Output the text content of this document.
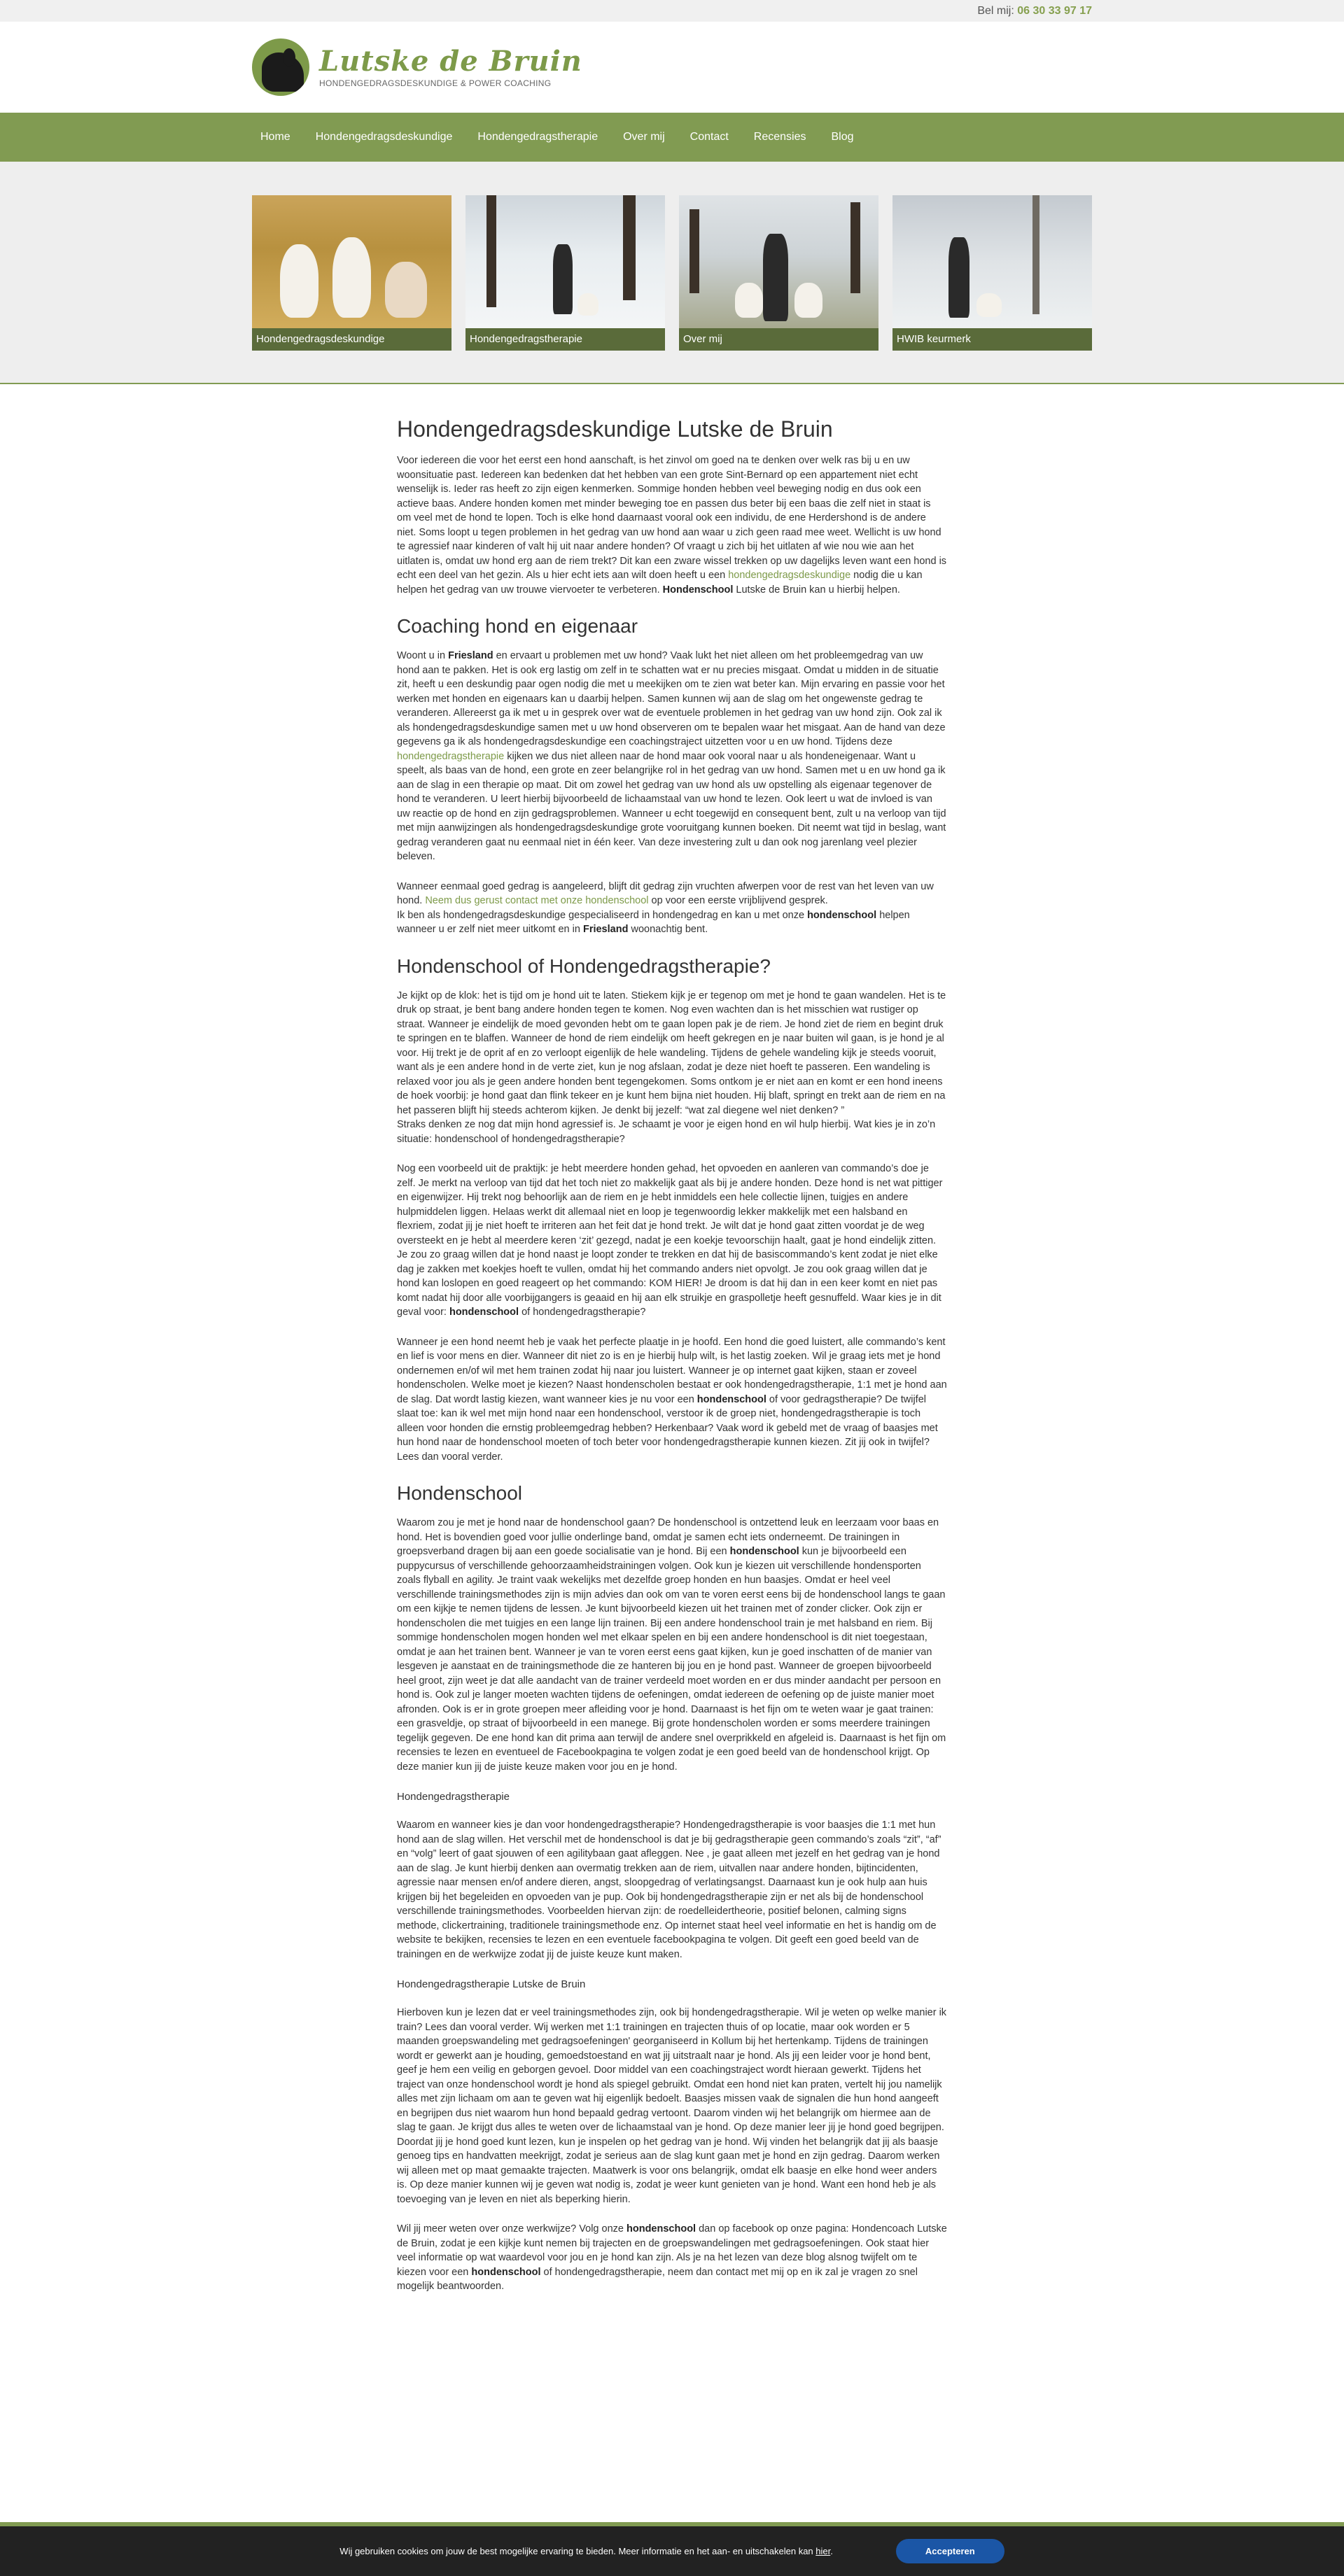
Bel mij: 06 30 33 97 17
Lutske de Bruin
HONDENGEDRAGSDESKUNDIGE & POWER COACHING
Home	Hondengedragsdeskundige	Hondengedragstherapie	Over mij	Contact	Recensies	Blog
Hondengedragsdeskundige	Hondengedragstherapie	Over mij	HWIB keurmerk
Hondengedragsdeskundige Lutske de Bruin

Voor iedereen die voor het eerst een hond aanschaft, is het zinvol om goed na te denken over welk ras bij u en uw woonsituatie past. Iedereen kan bedenken dat het hebben van een grote Sint-Bernard op een appartement niet echt wenselijk is. Ieder ras heeft zo zijn eigen kenmerken. Sommige honden hebben veel beweging nodig en dus ook een actieve baas. Andere honden komen met minder beweging toe en passen dus beter bij een baas die zelf niet in staat is om veel met de hond te lopen. Toch is elke hond daarnaast vooral ook een individu, de ene Herdershond is de andere niet. Soms loopt u tegen problemen in het gedrag van uw hond aan waar u zich geen raad mee weet. Wellicht is uw hond te agressief naar kinderen of valt hij uit naar andere honden? Of vraagt u zich bij het uitlaten af wie nou wie aan het uitlaten is, omdat uw hond erg aan de riem trekt? Dit kan een zware wissel trekken op uw dagelijks leven want een hond is echt een deel van het gezin. Als u hier echt iets aan wilt doen heeft u een hondengedragsdeskundige nodig die u kan helpen het gedrag van uw trouwe viervoeter te verbeteren. Hondenschool Lutske de Bruin kan u hierbij helpen.

Coaching hond en eigenaar

Woont u in Friesland en ervaart u problemen met uw hond? Vaak lukt het niet alleen om het probleemgedrag van uw hond aan te pakken. Het is ook erg lastig om zelf in te schatten wat er nu precies misgaat. Omdat u midden in de situatie zit, heeft u een deskundig paar ogen nodig die met u meekijken om te zien wat beter kan. Mijn ervaring en passie voor het werken met honden en eigenaars kan u daarbij helpen. Samen kunnen wij aan de slag om het ongewenste gedrag te veranderen. Allereerst ga ik met u in gesprek over wat de eventuele problemen in het gedrag van uw hond zijn. Ook zal ik als hondengedragsdeskundige samen met u uw hond observeren om te bepalen waar het misgaat. Aan de hand van deze gegevens ga ik als hondengedragsdeskundige een coachingstraject uitzetten voor u en uw hond. Tijdens deze hondengedragstherapie kijken we dus niet alleen naar de hond maar ook vooral naar u als hondeneigenaar. Want u speelt, als baas van de hond, een grote en zeer belangrijke rol in het gedrag van uw hond. Samen met u en uw hond ga ik aan de slag in een therapie op maat. Dit om zowel het gedrag van uw hond als uw opstelling als eigenaar tegenover de hond te veranderen. U leert hierbij bijvoorbeeld de lichaamstaal van uw hond te lezen. Ook leert u wat de invloed is van uw reactie op de hond en zijn gedragsproblemen. Wanneer u echt toegewijd en consequent bent, zult u na verloop van tijd met mijn aanwijzingen als hondengedragsdeskundige grote vooruitgang kunnen boeken. Dit neemt wat tijd in beslag, want gedrag veranderen gaat nu eenmaal niet in één keer. Van deze investering zult u dan ook nog jarenlang veel plezier beleven.

Wanneer eenmaal goed gedrag is aangeleerd, blijft dit gedrag zijn vruchten afwerpen voor de rest van het leven van uw hond. Neem dus gerust contact met onze hondenschool op voor een eerste vrijblijvend gesprek.
Ik ben als hondengedragsdeskundige gespecialiseerd in hondengedrag en kan u met onze hondenschool helpen wanneer u er zelf niet meer uitkomt en in Friesland woonachtig bent.

Hondenschool of Hondengedragstherapie?

Je kijkt op de klok: het is tijd om je hond uit te laten. Stiekem kijk je er tegenop om met je hond te gaan wandelen. Het is te druk op straat, je bent bang andere honden tegen te komen. Nog even wachten dan is het misschien wat rustiger op straat. Wanneer je eindelijk de moed gevonden hebt om te gaan lopen pak je de riem. Je hond ziet de riem en begint druk te springen en te blaffen. Wanneer de hond de riem eindelijk om heeft gekregen en je naar buiten wil gaan, is je hond je al voor. Hij trekt je de oprit af en zo verloopt eigenlijk de hele wandeling. Tijdens de gehele wandeling kijk je steeds vooruit, want als je een andere hond in de verte ziet, kun je nog afslaan, zodat je deze niet hoeft te passeren. Een wandeling is relaxed voor jou als je geen andere honden bent tegengekomen. Soms ontkom je er niet aan en komt er een hond ineens de hoek voorbij: je hond gaat dan flink tekeer en je kunt hem bijna niet houden. Hij blaft, springt en trekt aan de riem en na het passeren blijft hij steeds achterom kijken. Je denkt bij jezelf: “wat zal diegene wel niet denken? ”
Straks denken ze nog dat mijn hond agressief is. Je schaamt je voor je eigen hond en wil hulp hierbij. Wat kies je in zo’n situatie: hondenschool of hondengedragstherapie?

Nog een voorbeeld uit de praktijk: je hebt meerdere honden gehad, het opvoeden en aanleren van commando’s doe je zelf. Je merkt na verloop van tijd dat het toch niet zo makkelijk gaat als bij je andere honden. Deze hond is net wat pittiger en eigenwijzer. Hij trekt nog behoorlijk aan de riem en je hebt inmiddels een hele collectie lijnen, tuigjes en andere hulpmiddelen liggen. Helaas werkt dit allemaal niet en loop je tegenwoordig lekker makkelijk met een halsband en flexriem, zodat jij je niet hoeft te irriteren aan het feit dat je hond trekt. Je wilt dat je hond gaat zitten voordat je de weg oversteekt en je hebt al meerdere keren ‘zit’ gezegd, nadat je een koekje tevoorschijn haalt, gaat je hond eindelijk zitten. Je zou zo graag willen dat je hond naast je loopt zonder te trekken en dat hij de basiscommando’s kent zodat je niet elke dag je zakken met koekjes hoeft te vullen, omdat hij het commando anders niet opvolgt. Je zou ook graag willen dat je hond kan loslopen en goed reageert op het commando: KOM HIER! Je droom is dat hij dan in een keer komt en niet pas komt nadat hij door alle voorbijgangers is geaaid en hij aan elk struikje en graspolletje heeft gesnuffeld. Waar kies je in dit geval voor: hondenschool of hondengedragstherapie?

Wanneer je een hond neemt heb je vaak het perfecte plaatje in je hoofd. Een hond die goed luistert, alle commando’s kent en lief is voor mens en dier. Wanneer dit niet zo is en je hierbij hulp wilt, is het lastig zoeken. Wil je graag iets met je hond ondernemen en/of wil met hem trainen zodat hij naar jou luistert. Wanneer je op internet gaat kijken, staan er zoveel hondenscholen. Welke moet je kiezen? Naast hondenscholen bestaat er ook hondengedragstherapie, 1:1 met je hond aan de slag. Dat wordt lastig kiezen, want wanneer kies je nu voor een hondenschool of voor gedragstherapie? De twijfel slaat toe: kan ik wel met mijn hond naar een hondenschool, verstoor ik de groep niet, hondengedragstherapie is toch alleen voor honden die ernstig probleemgedrag hebben? Herkenbaar? Vaak word ik gebeld met de vraag of baasjes met hun hond naar de hondenschool moeten of toch beter voor hondengedragstherapie kunnen kiezen. Zit jij ook in twijfel? Lees dan vooral verder.

Hondenschool

Waarom zou je met je hond naar de hondenschool gaan? De hondenschool is ontzettend leuk en leerzaam voor baas en hond. Het is bovendien goed voor jullie onderlinge band, omdat je samen echt iets onderneemt. De trainingen in groepsverband dragen bij aan een goede socialisatie van je hond. Bij een hondenschool kun je bijvoorbeeld een puppycursus of verschillende gehoorzaamheidstrainingen volgen. Ook kun je kiezen uit verschillende hondensporten zoals flyball en agility. Je traint vaak wekelijks met dezelfde groep honden en hun baasjes. Omdat er heel veel verschillende trainingsmethodes zijn is mijn advies dan ook om van te voren eerst eens bij de hondenschool langs te gaan om een kijkje te nemen tijdens de lessen. Je kunt bijvoorbeeld kiezen uit het trainen met of zonder clicker. Ook zijn er hondenscholen die met tuigjes en een lange lijn trainen. Bij een andere hondenschool train je met halsband en riem. Bij sommige hondenscholen mogen honden wel met elkaar spelen en bij een andere hondenschool is dit niet toegestaan, omdat je aan het trainen bent. Wanneer je van te voren eerst eens gaat kijken, kun je goed inschatten of de manier van lesgeven je aanstaat en de trainingsmethode die ze hanteren bij jou en je hond past. Wanneer de groepen bijvoorbeeld heel groot, zijn weet je dat alle aandacht van de trainer verdeeld moet worden en er dus minder aandacht per persoon en hond is. Ook zul je langer moeten wachten tijdens de oefeningen, omdat iedereen de oefening op de juiste manier moet afronden. Ook is er in grote groepen meer afleiding voor je hond. Daarnaast is het fijn om te weten waar je gaat trainen: een grasveldje, op straat of bijvoorbeeld in een manege. Bij grote hondenscholen worden er soms meerdere trainingen tegelijk gegeven. De ene hond kan dit prima aan terwijl de andere snel overprikkeld en afgeleid is. Daarnaast is het fijn om recensies te lezen en eventueel de Facebookpagina te volgen zodat je een goed beeld van de hondenschool krijgt. Op deze manier kun jij de juiste keuze maken voor jou en je hond.

Hondengedragstherapie

Waarom en wanneer kies je dan voor hondengedragstherapie? Hondengedragstherapie is voor baasjes die 1:1 met hun hond aan de slag willen. Het verschil met de hondenschool is dat je bij gedragstherapie geen commando’s zoals “zit”, “af” en “volg” leert of gaat sjouwen of een agilitybaan gaat afleggen. Nee , je gaat alleen met jezelf en het gedrag van je hond aan de slag. Je kunt hierbij denken aan overmatig trekken aan de riem, uitvallen naar andere honden, bijtincidenten, agressie naar mensen en/of andere dieren, angst, sloopgedrag of verlatingsangst. Daarnaast kun je ook hulp aan huis krijgen bij het begeleiden en opvoeden van je pup. Ook bij hondengedragstherapie zijn er net als bij de hondenschool verschillende trainingsmethodes. Voorbeelden hiervan zijn: de roedelleidertheorie, positief belonen, calming signs methode, clickertraining, traditionele trainingsmethode enz. Op internet staat heel veel informatie en het is handig om de website te bekijken, recensies te lezen en een eventuele facebookpagina te volgen. Dit geeft een goed beeld van de trainingen en de werkwijze zodat jij de juiste keuze kunt maken.

Hondengedragstherapie Lutske de Bruin

Hierboven kun je lezen dat er veel trainingsmethodes zijn, ook bij hondengedragstherapie. Wil je weten op welke manier ik train? Lees dan vooral verder. Wij werken met 1:1 trainingen en trajecten thuis of op locatie, maar ook worden er 5 maanden groepswandeling met gedragsoefeningen' georganiseerd in Kollum bij het hertenkamp. Tijdens de trainingen wordt er gewerkt aan je houding, gemoedstoestand en wat jij uitstraalt naar je hond. Als jij een leider voor je hond bent, geef je hem een veilig en geborgen gevoel. Door middel van een coachingstraject wordt hieraan gewerkt. Tijdens het traject van onze hondenschool wordt je hond als spiegel gebruikt. Omdat een hond niet kan praten, vertelt hij jou namelijk alles met zijn lichaam om aan te geven wat hij eigenlijk bedoelt. Baasjes missen vaak de signalen die hun hond aangeeft en begrijpen dus niet waarom hun hond bepaald gedrag vertoont. Daarom vinden wij het belangrijk om hiermee aan de slag te gaan. Je krijgt dus alles te weten over de lichaamstaal van je hond. Op deze manier leer jij je hond goed begrijpen. Doordat jij je hond goed kunt lezen, kun je inspelen op het gedrag van je hond. Wij vinden het belangrijk dat jij als baasje genoeg tips en handvatten meekrijgt, zodat je serieus aan de slag kunt gaan met je hond en zijn gedrag. Daarom werken wij alleen met op maat gemaakte trajecten. Maatwerk is voor ons belangrijk, omdat elk baasje en elke hond weer anders is. Op deze manier kunnen wij je geven wat nodig is, zodat je weer kunt genieten van je hond. Want een hond heb je als toevoeging van je leven en niet als beperking hierin.

Wil jij meer weten over onze werkwijze? Volg onze hondenschool dan op facebook op onze pagina: Hondencoach Lutske de Bruin, zodat je een kijkje kunt nemen bij trajecten en de groepswandelingen met gedragsoefeningen. Ook staat hier veel informatie op wat waardevol voor jou en je hond kan zijn. Als je na het lezen van deze blog alsnog twijfelt om te kiezen voor een hondenschool of hondengedragstherapie, neem dan contact met mij op en ik zal je vragen zo snel mogelijk beantwoorden.

Wij gebruiken cookies om jouw de best mogelijke ervaring te bieden. Meer informatie en het aan- en uitschakelen kan hier.	Accepteren
